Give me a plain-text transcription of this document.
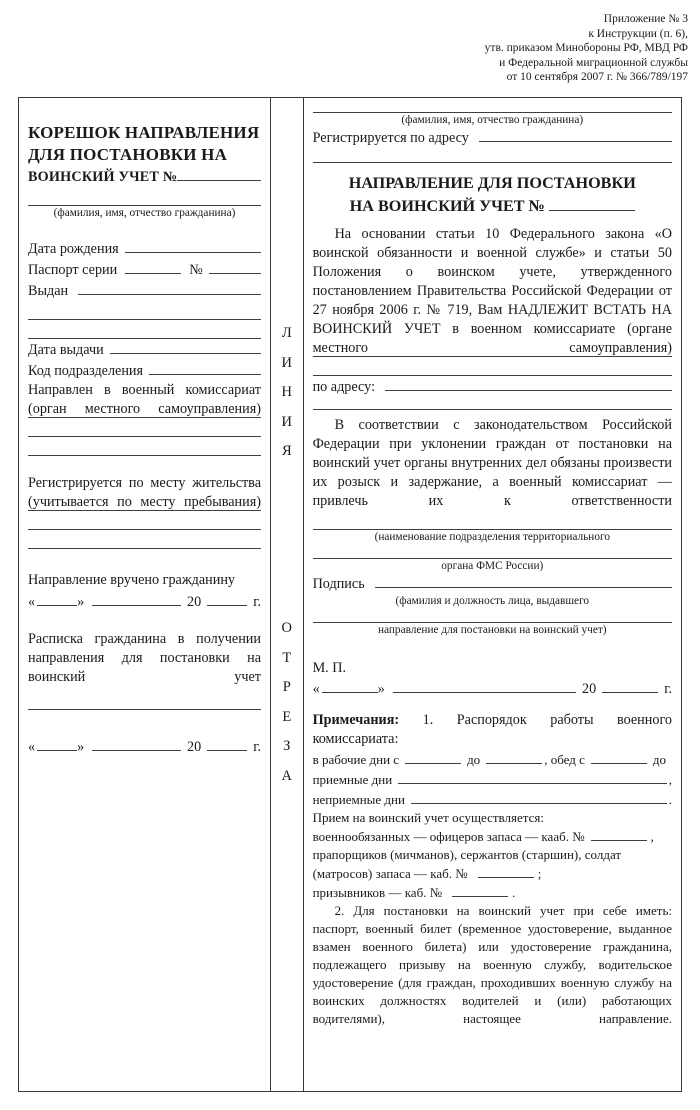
Приложение № 3
к Инструкции (п. 6),
утв. приказом Минобороны РФ, МВД РФ
и Федеральной миграционной службы
от 10 сентября 2007 г. № 366/789/197
КОРЕШОК НАПРАВЛЕНИЯ
ДЛЯ ПОСТАНОВКИ НА
ВОИНСКИЙ УЧЕТ №
(фамилия, имя, отчество гражданина)
Дата рождения
Паспорт серии	№
Выдан
Дата выдачи
Код подразделения
Направлен в военный комиссариат (орган местного самоуправления)
Регистрируется по месту жительства (учитывается по месту пребывания)
Направление вручено гражданину
«	»	20	г.
Расписка гражданина в получении направления для постановки на воинский учет
«	»	20	г.
Л
И
Н
И
Я
О
Т
Р
Е
З
А
(фамилия, имя, отчество гражданина)
Регистрируется по адресу
НАПРАВЛЕНИЕ ДЛЯ ПОСТАНОВКИ
НА ВОИНСКИЙ УЧЕТ №
На основании статьи 10 Федерального закона «О воинской обязанности и военной службе» и статьи 50 Положения о воинском учете, утвержденного постановлением Правительства Российской Федерации от 27 ноября 2006 г. № 719, Вам НАДЛЕЖИТ ВСТАТЬ НА ВОИНСКИЙ УЧЕТ в военном комиссариате (органе местного самоуправления)
по адресу:
В соответствии с законодательством Российской Федерации при уклонении граждан от постановки на воинский учет органы внутренних дел обязаны произвести их розыск и задержание, а военный комиссариат — привлечь их к ответственности
(наименование подразделения территориального
органа ФМС России)
Подпись
(фамилия и должность лица, выдавшего
направление для постановки на воинский учет)
М. П.
«	»	20	г.
Примечания: 1. Распорядок работы военного комиссариата:
в рабочие дни с	до	, обед с	до
приемные дни	,
неприемные дни	.
Прием на воинский учет осуществляется:
военнообязанных — офицеров запаса — кааб. №	,
прапорщиков (мичманов), сержантов (старшин), солдат
(матросов) запаса — каб. №	;
призывников — каб. №	.
2. Для постановки на воинский учет при себе иметь: паспорт, военный билет (временное удостоверение, выданное взамен военного билета) или удостоверение гражданина, подлежащего призыву на военную службу, водительское удостоверение (для граждан, проходивших военную службу на воинских должностях водителей и (или) работающих водителями), настоящее направление.
